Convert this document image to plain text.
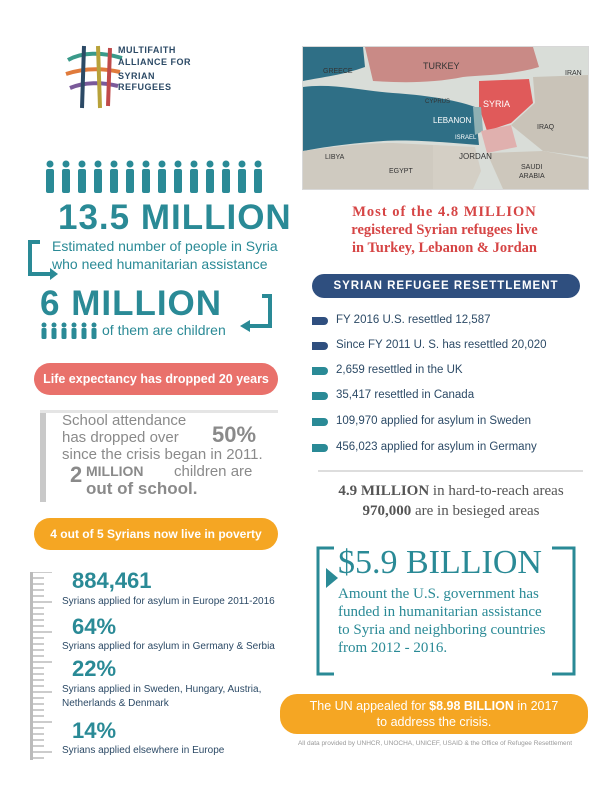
MULTIFAITH
ALLIANCE FOR
SYRIAN
REFUGEES
13.5 MILLION
Estimated number of people in Syria
who need humanitarian assistance
6 MILLION
of them are children
Life expectancy has dropped 20 years
School attendance
has dropped over 50%
since the crisis began in 2011.
2 MILLION children are
out of school.
4 out of 5 Syrians now live in poverty
884,461
Syrians applied for asylum in Europe 2011-2016
64%
Syrians applied for asylum in Germany & Serbia
22%
Syrians applied in Sweden, Hungary, Austria,
Netherlands & Denmark
14%
Syrians applied elsewhere in Europe
GREECE
TURKEY
IRAN
CYPRUS	SYRIA
LEBANON
ISRAEL
IRAQ
LIBYA
EGYPT
JORDAN
SAUDI
ARABIA
Most of the 4.8 MILLION
registered Syrian refugees live
in Turkey, Lebanon & Jordan
SYRIAN REFUGEE RESETTLEMENT
FY 2016 U.S. resettled 12,587
Since FY 2011 U. S. has resettled 20,020
2,659 resettled in the UK
35,417 resettled in Canada
109,970 applied for asylum in Sweden
456,023 applied for asylum in Germany
4.9 MILLION in hard-to-reach areas
970,000 are in besieged areas
$5.9 BILLION
Amount the U.S. government has
funded in humanitarian assistance
to Syria and neighboring countries
from 2012 - 2016.
The UN appealed for $8.98 BILLION in 2017
to address the crisis.
All data provided by UNHCR, UNOCHA, UNICEF, USAID & the Office of Refugee Resettlement
